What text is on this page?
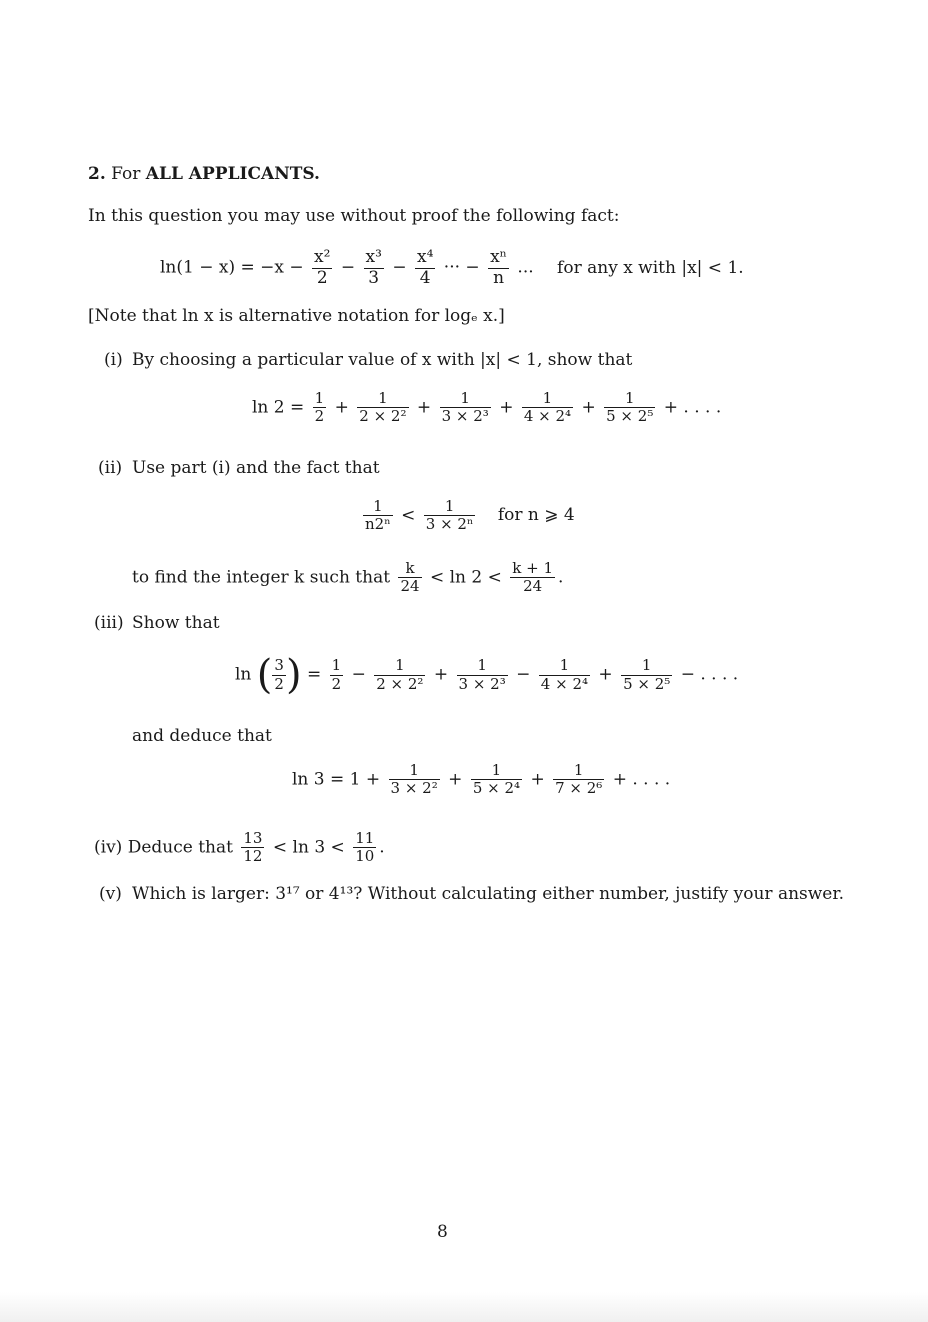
2. For ALL APPLICANTS.
In this question you may use without proof the following fact:
$\ln(1 - x) = -x - \frac{\text{x²}}{2} - \frac{\text{x³}}{3} - \frac{\text{x⁴}}{4}$ ··· − $\frac{\text{xⁿ}}{n}$ ... for any x with |x| < 1.
[Note that ln x is alternative notation for logₑ x.]
(i) By choosing a particular value of x with |x| < 1, show that
$\ln 2 = \frac{1}{2} + \frac{1}{\text{2 × 2²}} + \frac{1}{\text{3 × 2³}} + \frac{1}{\text{4 × 2⁴}} + \frac{1}{\text{5 × 2⁵}}$ + . . . .
(ii) Use part (i) and the fact that
$\frac{1}{\text{n2ⁿ}} < \frac{1}{\text{3 × 2ⁿ}}$ for n ⩾ 4
to find the integer k such that $\frac{k}{24} < \ln 2 < \frac{k + 1}{24}$ .
(iii) Show that
ln ( $\frac{3}{2}$ ) = $\frac{1}{2} - \frac{1}{\text{2 × 2²}} + \frac{1}{\text{3 × 2³}} - \frac{1}{\text{4 × 2⁴}} + \frac{1}{\text{5 × 2⁵}}$ − . . . .
and deduce that
$\ln 3 = 1 + \frac{1}{\text{3 × 2²}} + \frac{1}{\text{5 × 2⁴}} + \frac{1}{\text{7 × 2⁶}}$ + . . . .
(iv) Deduce that $\frac{13}{12} < \ln 3 < \frac{11}{10}$ .
(v) Which is larger: 3¹⁷ or 4¹³? Without calculating either number, justify your answer.
8
